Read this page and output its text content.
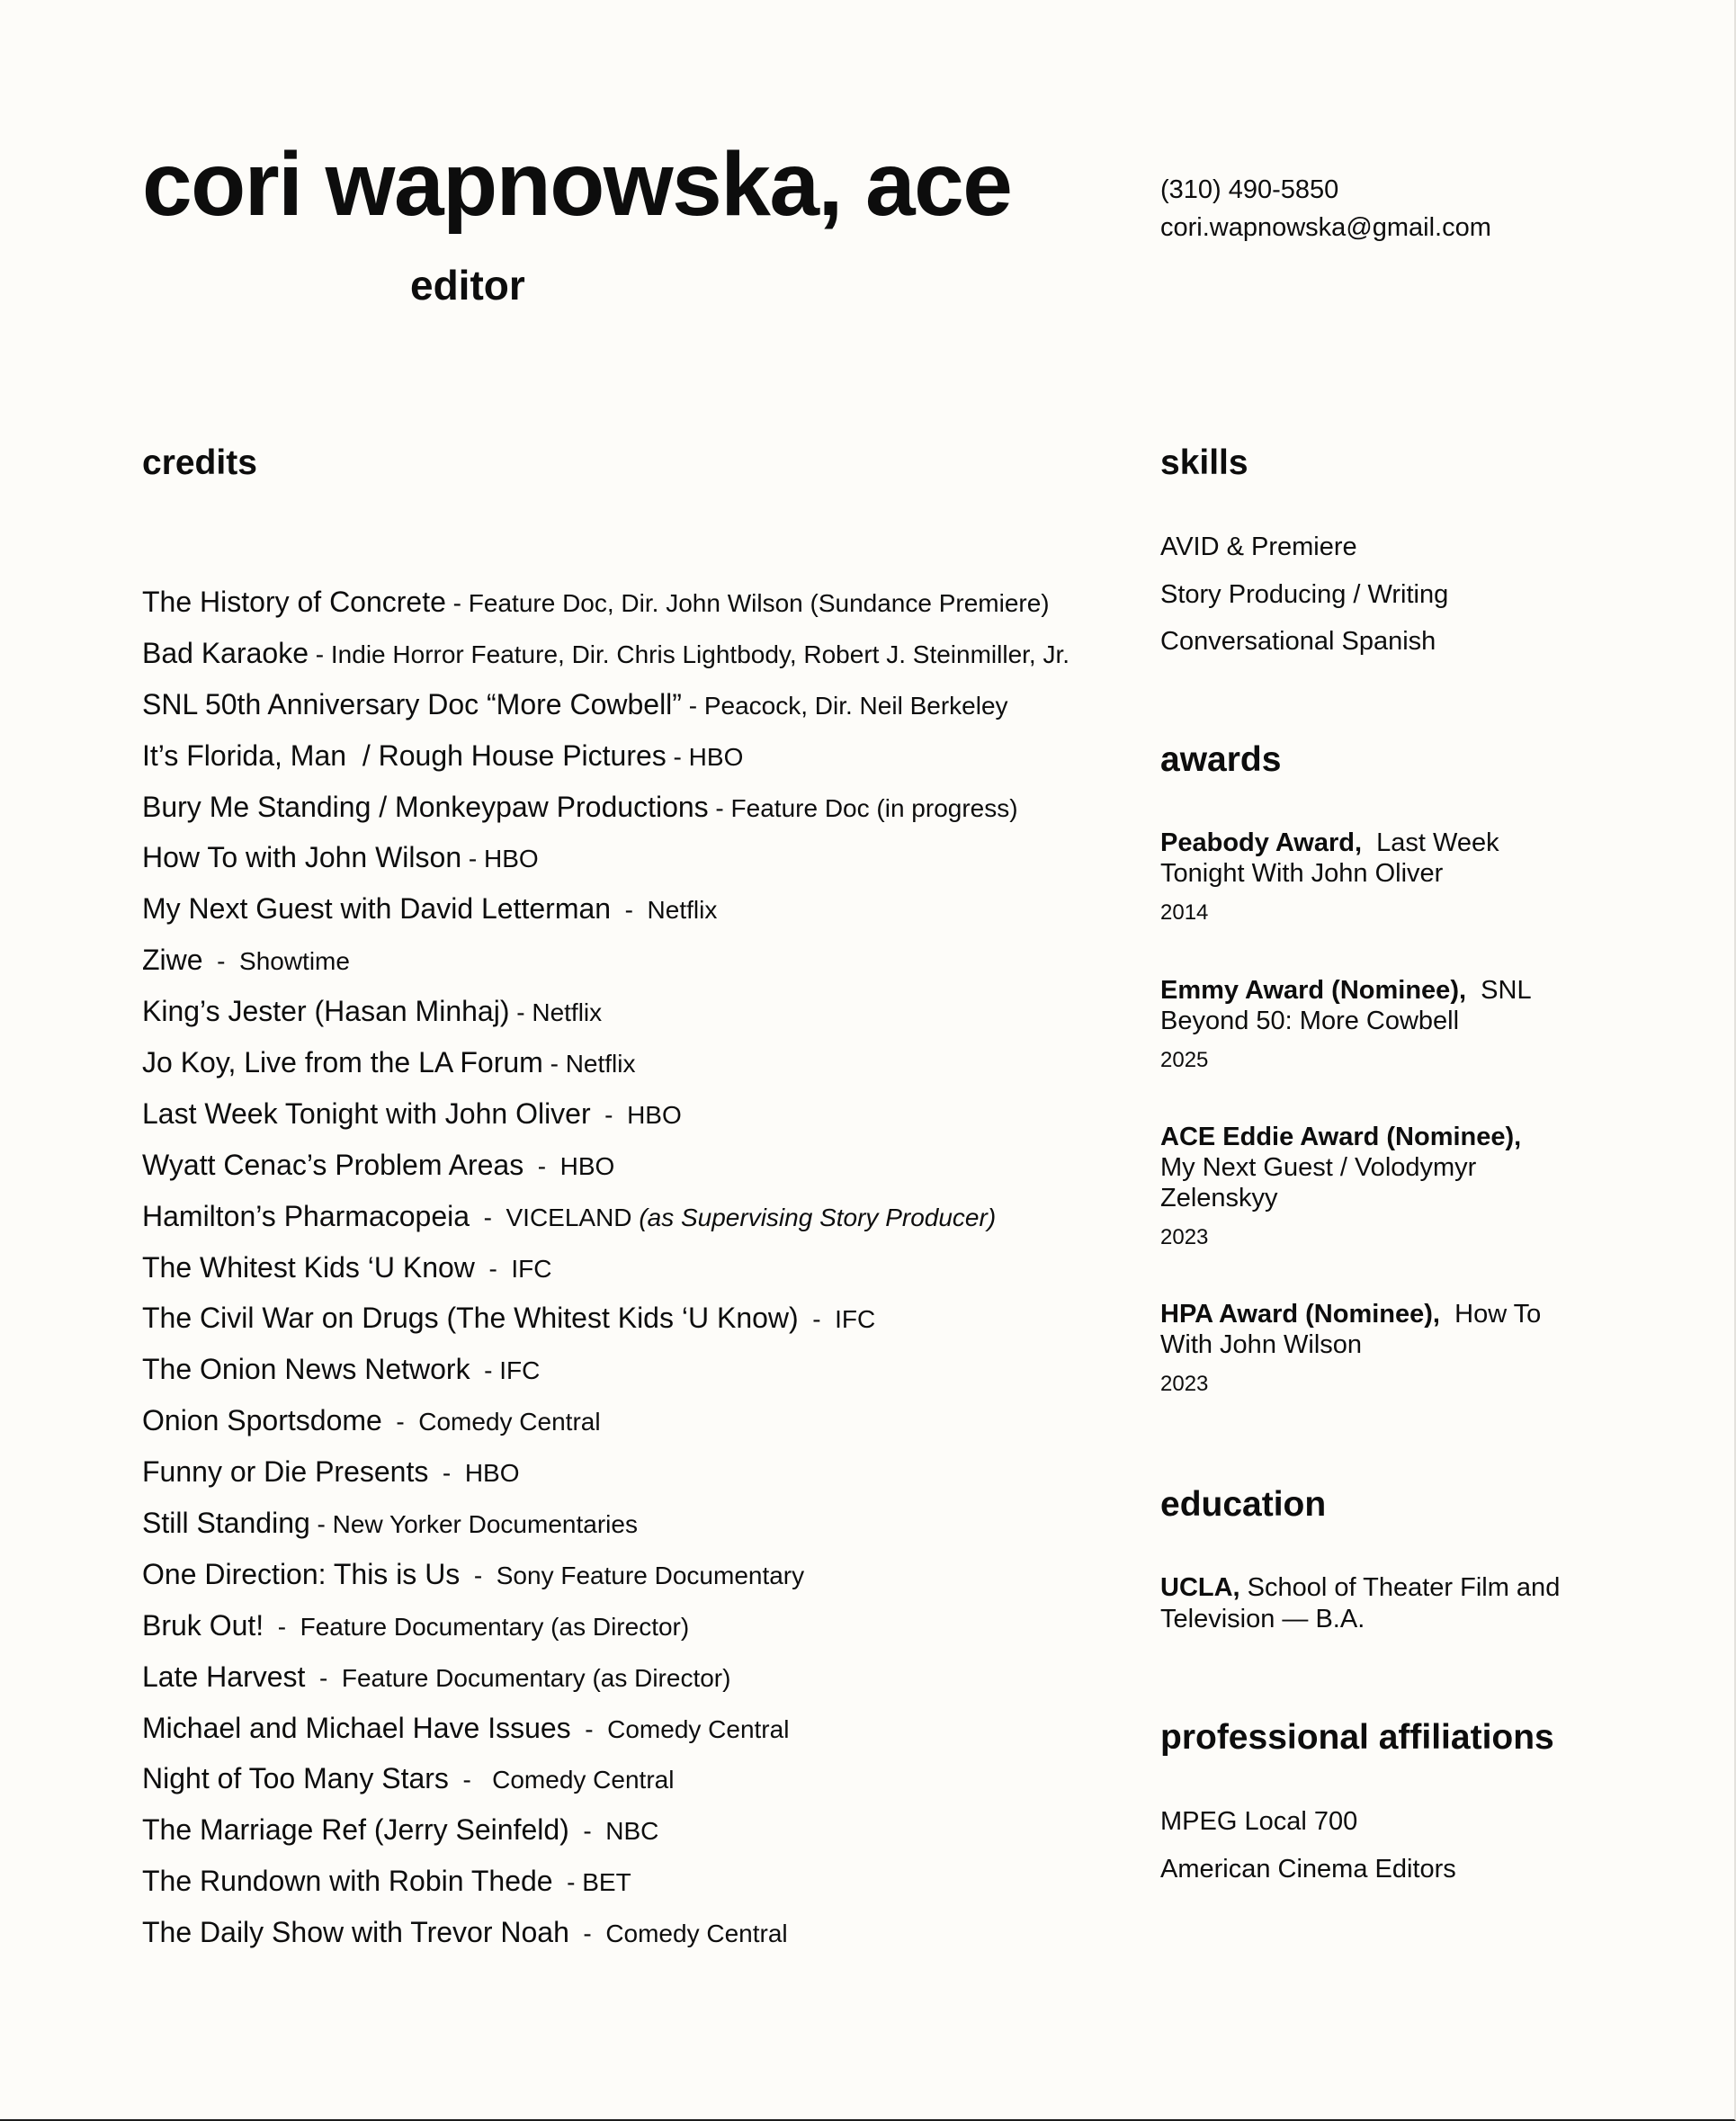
cori wapnowska, ace
editor
(310) 490-5850
cori.wapnowska@gmail.com
credits
The History of Concrete - Feature Doc, Dir. John Wilson (Sundance Premiere)
Bad Karaoke - Indie Horror Feature, Dir. Chris Lightbody, Robert J. Steinmiller, Jr.
SNL 50th Anniversary Doc “More Cowbell” - Peacock, Dir. Neil Berkeley
It’s Florida, Man  / Rough House Pictures - HBO
Bury Me Standing / Monkeypaw Productions - Feature Doc (in progress)
How To with John Wilson - HBO
My Next Guest with David Letterman  -  Netflix
Ziwe  -  Showtime
King’s Jester (Hasan Minhaj) - Netflix
Jo Koy, Live from the LA Forum - Netflix
Last Week Tonight with John Oliver  -  HBO
Wyatt Cenac’s Problem Areas  -  HBO
Hamilton’s Pharmacopeia  -  VICELAND (as Supervising Story Producer)
The Whitest Kids ‘U Know  -  IFC
The Civil War on Drugs (The Whitest Kids ‘U Know)  -  IFC
The Onion News Network  - IFC
Onion Sportsdome  -  Comedy Central
Funny or Die Presents  -  HBO
Still Standing - New Yorker Documentaries
One Direction: This is Us  -  Sony Feature Documentary
Bruk Out!  -  Feature Documentary (as Director)
Late Harvest  -  Feature Documentary (as Director)
Michael and Michael Have Issues  -  Comedy Central
Night of Too Many Stars  -   Comedy Central
The Marriage Ref (Jerry Seinfeld)  -  NBC
The Rundown with Robin Thede  - BET
The Daily Show with Trevor Noah  -  Comedy Central
skills
AVID & Premiere
Story Producing / Writing
Conversational Spanish
awards
Peabody Award, Last Week Tonight With John Oliver
2014
Emmy Award (Nominee), SNL Beyond 50: More Cowbell
2025
ACE Eddie Award (Nominee), My Next Guest / Volodymyr Zelenskyy
2023
HPA Award (Nominee), How To With John Wilson
2023
education
UCLA, School of Theater Film and Television — B.A.
professional affiliations
MPEG Local 700
American Cinema Editors
